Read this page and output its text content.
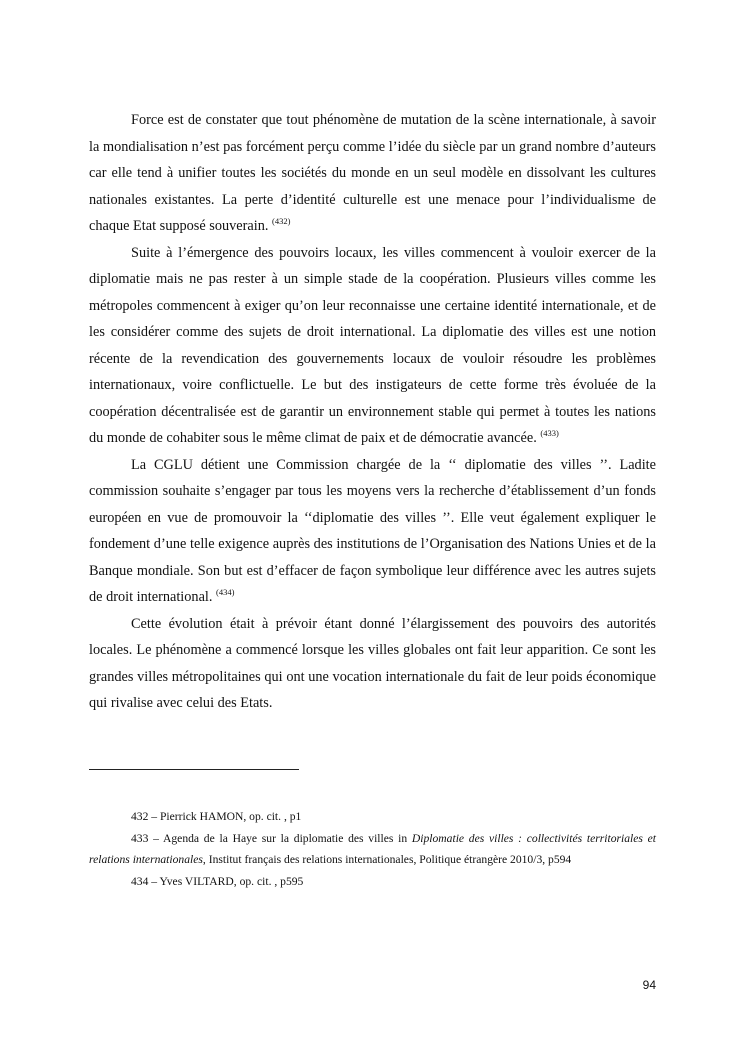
Force est de constater que tout phénomène de mutation de la scène internationale, à savoir la mondialisation n’est pas forcément perçu comme l’idée du siècle par un grand nombre d’auteurs car elle tend à unifier toutes les sociétés du monde en un seul modèle en dissolvant les cultures nationales existantes. La perte d’identité culturelle est une menace pour l’individualisme de chaque Etat supposé souverain. $^{(432)}$

Suite à l’émergence des pouvoirs locaux, les villes commencent à vouloir exercer de la diplomatie mais ne pas rester à un simple stade de la coopération. Plusieurs villes comme les métropoles commencent à exiger qu’on leur reconnaisse une certaine identité internationale, et de les considérer comme des sujets de droit international. La diplomatie des villes est une notion récente de la revendication des gouvernements locaux de vouloir résoudre les problèmes internationaux, voire conflictuelle. Le but des instigateurs de cette forme très évoluée de la coopération décentralisée est de garantir un environnement stable qui permet à toutes les nations du monde de cohabiter sous le même climat de paix et de démocratie avancée. $^{(433)}$

La CGLU détient une Commission chargée de la ‘‘ diplomatie des villes ’’. Ladite commission souhaite s’engager par tous les moyens vers la recherche d’établissement d’un fonds européen en vue de promouvoir la ‘‘diplomatie des villes ’’. Elle veut également expliquer le fondement d’une telle exigence auprès des institutions de l’Organisation des Nations Unies et de la Banque mondiale. Son but est d’effacer de façon symbolique leur différence avec les autres sujets de droit international. $^{(434)}$

Cette évolution était à prévoir étant donné l’élargissement des pouvoirs des autorités locales. Le phénomène a commencé lorsque les villes globales ont fait leur apparition. Ce sont les grandes villes métropolitaines qui ont une vocation internationale du fait de leur poids économique qui rivalise avec celui des Etats.

432 – Pierrick HAMON, op. cit. , p1

433 – Agenda de la Haye sur la diplomatie des villes in Diplomatie des villes : collectivités territoriales et relations internationales, Institut français des relations internationales, Politique étrangère 2010/3, p594

434 – Yves VILTARD, op. cit. , p595

94
